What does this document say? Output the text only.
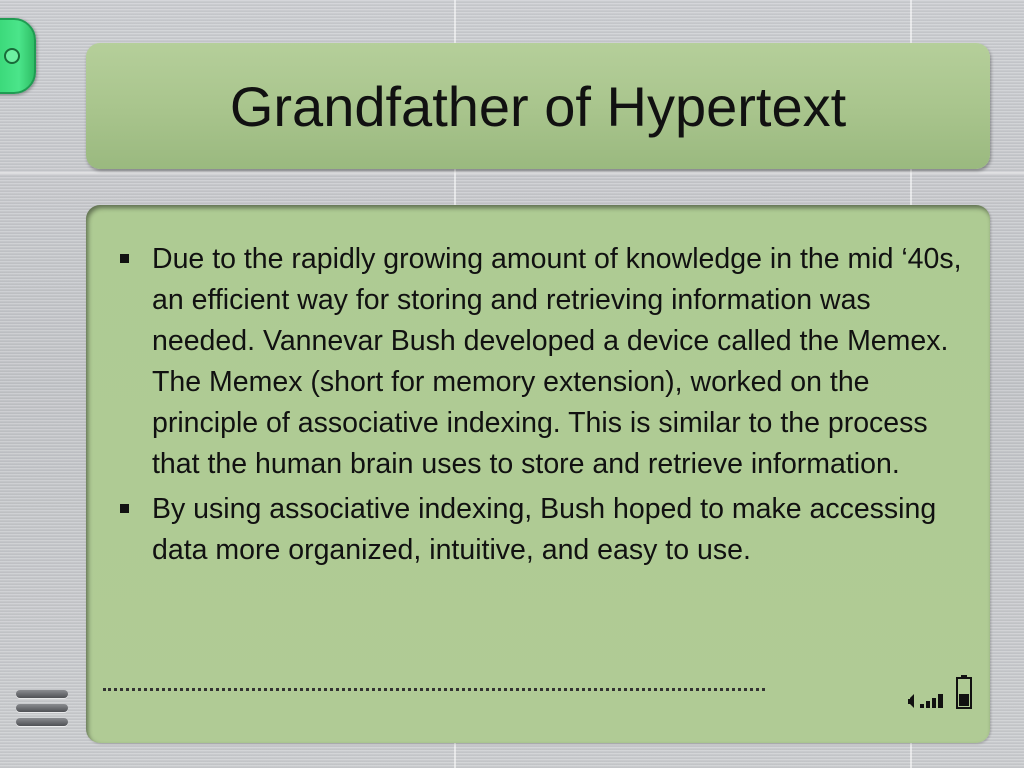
Grandfather of Hypertext
Due to the rapidly growing amount of knowledge in the mid ‘40s, an efficient way for storing and retrieving information was needed. Vannevar Bush developed a device called the Memex. The Memex (short for memory extension), worked on the principle of associative indexing. This is similar to the process that the human brain uses to store and retrieve information.
By using associative indexing, Bush hoped to make accessing data more organized, intuitive, and easy to use.
